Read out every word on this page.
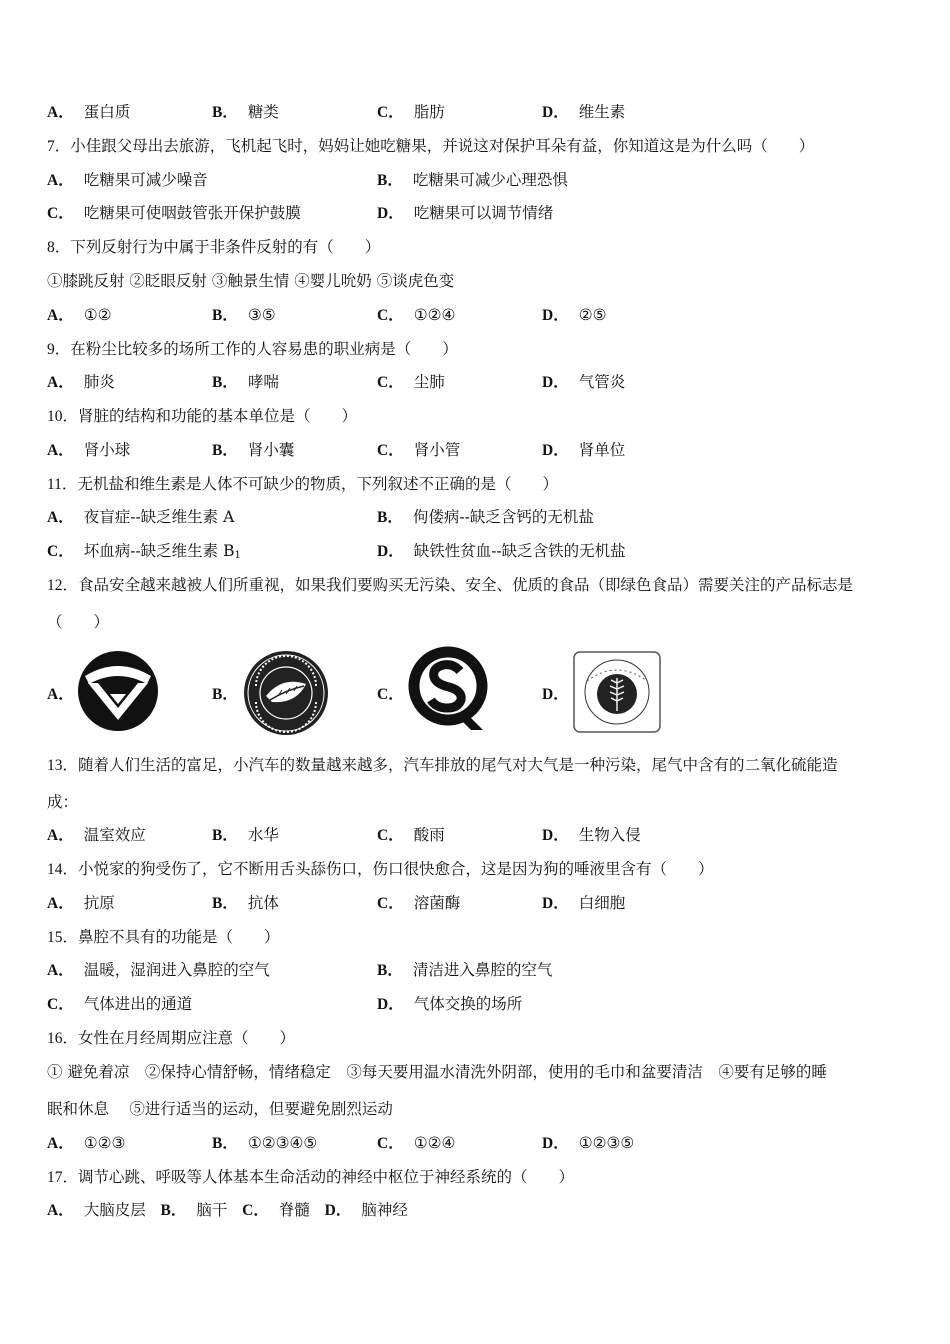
A． 蛋白质	B． 糖类	C． 脂肪	D． 维生素
7．小佳跟父母出去旅游，飞机起飞时，妈妈让她吃糖果，并说这对保护耳朵有益，你知道这是为什么吗（　　）
A． 吃糖果可减少噪音	B． 吃糖果可减少心理恐惧
C． 吃糖果可使咽鼓管张开保护鼓膜	D． 吃糖果可以调节情绪
8．下列反射行为中属于非条件反射的有（　　）
①膝跳反射 ②眨眼反射 ③触景生情 ④婴儿吮奶 ⑤谈虎色变
A． ①②	B． ③⑤	C． ①②④	D． ②⑤
9．在粉尘比较多的场所工作的人容易患的职业病是（　　）
A． 肺炎	B． 哮喘	C． 尘肺	D． 气管炎
10．肾脏的结构和功能的基本单位是（　　）
A． 肾小球	B． 肾小囊	C． 肾小管	D． 肾单位
11．无机盐和维生素是人体不可缺少的物质，下列叙述不正确的是（　　）
A． 夜盲症--缺乏维生素 A	B． 佝偻病--缺乏含钙的无机盐
C． 坏血病--缺乏维生素 $B_1$	D． 缺铁性贫血--缺乏含铁的无机盐
12．食品安全越来越被人们所重视，如果我们要购买无污染、安全、优质的食品（即绿色食品）需要关注的产品标志是
（　　）
A．	B．	C．	D．
13．随着人们生活的富足，小汽车的数量越来越多，汽车排放的尾气对大气是一种污染，尾气中含有的二氧化硫能造
成：
A． 温室效应	B． 水华	C． 酸雨	D． 生物入侵
14．小悦家的狗受伤了，它不断用舌头舔伤口，伤口很快愈合，这是因为狗的唾液里含有（　　）
A． 抗原	B． 抗体	C． 溶菌酶	D． 白细胞
15．鼻腔不具有的功能是（　　）
A． 温暖，湿润进入鼻腔的空气	B． 清洁进入鼻腔的空气
C． 气体进出的通道	D． 气体交换的场所
16．女性在月经周期应注意（　　）
① 避免着凉　②保持心情舒畅，情绪稳定　③每天要用温水清洗外阴部，使用的毛巾和盆要清洁　④要有足够的睡
眠和休息　 ⑤进行适当的运动，但要避免剧烈运动
A． ①②③	B． ①②③④⑤	C． ①②④	D． ①②③⑤
17．调节心跳、呼吸等人体基本生命活动的神经中枢位于神经系统的（　　）
A． 大脑皮层 B． 脑干 C． 脊髓 D． 脑神经
